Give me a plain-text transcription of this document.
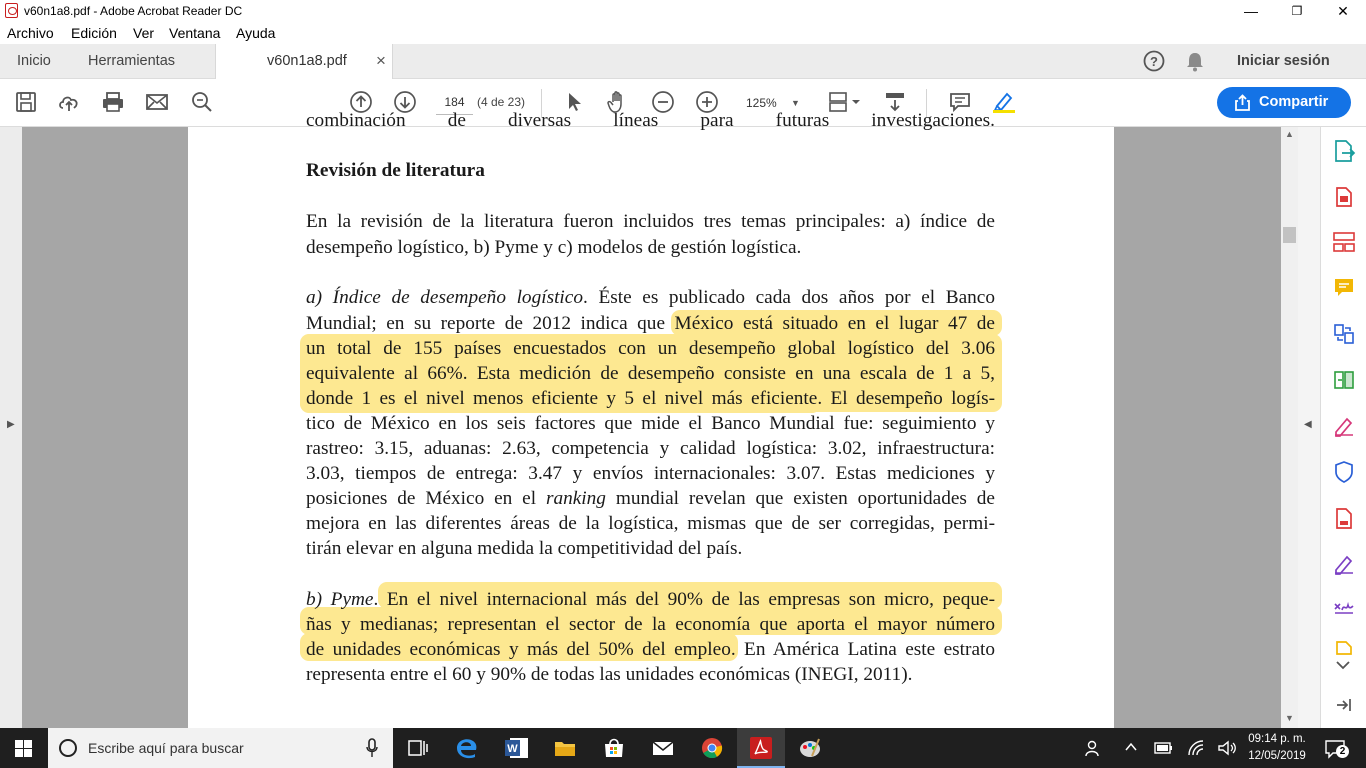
v60n1a8.pdf - Adobe Acrobat Reader DC	—	❐	✕
Archivo Edición Ver Ventana Ayuda
Inicio	Herramientas	v60n1a8.pdf ×	?	Iniciar sesión
184	(4 de 23)	125% ▼	Compartir
▶
combinación de diversas líneas para futuras investigaciones.
Revisión de literatura
En la revisión de la literatura fueron incluidos tres temas principales: a) índice de
desempeño logístico, b) Pyme y c) modelos de gestión logística.
a) Índice de desempeño logístico. Éste es publicado cada dos años por el Banco
Mundial; en su reporte de 2012 indica que México está situado en el lugar 47 de
un total de 155 países encuestados con un desempeño global logístico del 3.06
equivalente al 66%. Esta medición de desempeño consiste en una escala de 1 a 5,
donde 1 es el nivel menos eficiente y 5 el nivel más eficiente. El desempeño logís-
tico de México en los seis factores que mide el Banco Mundial fue: seguimiento y
rastreo: 3.15, aduanas: 2.63, competencia y calidad logística: 3.02, infraestructura:
3.03, tiempos de entrega: 3.47 y envíos internacionales: 3.07. Estas mediciones y
posiciones de México en el ranking mundial revelan que existen oportunidades de
mejora en las diferentes áreas de la logística, mismas que de ser corregidas, permi-
tirán elevar en alguna medida la competitividad del país.
b) Pyme. En el nivel internacional más del 90% de las empresas son micro, peque-
ñas y medianas; representan el sector de la economía que aporta el mayor número
de unidades económicas y más del 50% del empleo. En América Latina este estrato
representa entre el 60 y 90% de todas las unidades económicas (INEGI, 2011).
▲
▼
◀
Escribe aquí para buscar	W
09:14 p. m.
12/05/2019	2
